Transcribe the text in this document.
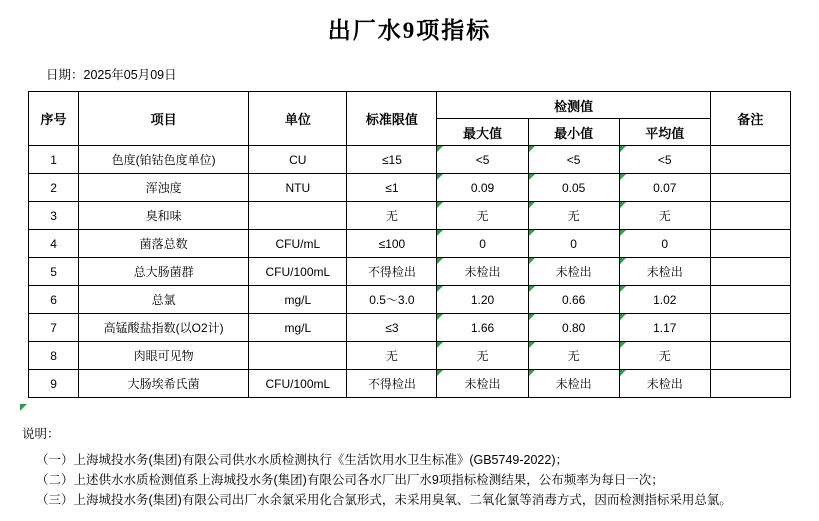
出厂水9项指标
日期：2025年05月09日
序号	项目	单位	标准限值	检测值			备注
				最大值	最小值	平均值	
1	色度(铂钴色度单位)	CU	≤15	<5	<5	<5

2	浑浊度	NTU	≤1	0.09	0.05	0.07

3	臭和味		无	无	无	无

4	菌落总数	CFU/mL	≤100	0	0	0

5	总大肠菌群	CFU/100mL	不得检出	未检出	未检出	未检出

6	总氯	mg/L	0.5～3.0	1.20	0.66	1.02

7	高锰酸盐指数(以O2计)	mg/L	≤3	1.66	0.80	1.17

8	肉眼可见物		无	无	无	无

9	大肠埃希氏菌	CFU/100mL	不得检出	未检出	未检出	未检出

说明：
（一）上海城投水务(集团)有限公司供水水质检测执行《生活饮用水卫生标准》(GB5749-2022)；
（二）上述供水水质检测值系上海城投水务(集团)有限公司各水厂出厂水9项指标检测结果，公布频率为每日一次；
（三）上海城投水务(集团)有限公司出厂水余氯采用化合氯形式，未采用臭氧、二氧化氯等消毒方式，因而检测指标采用总氯。
